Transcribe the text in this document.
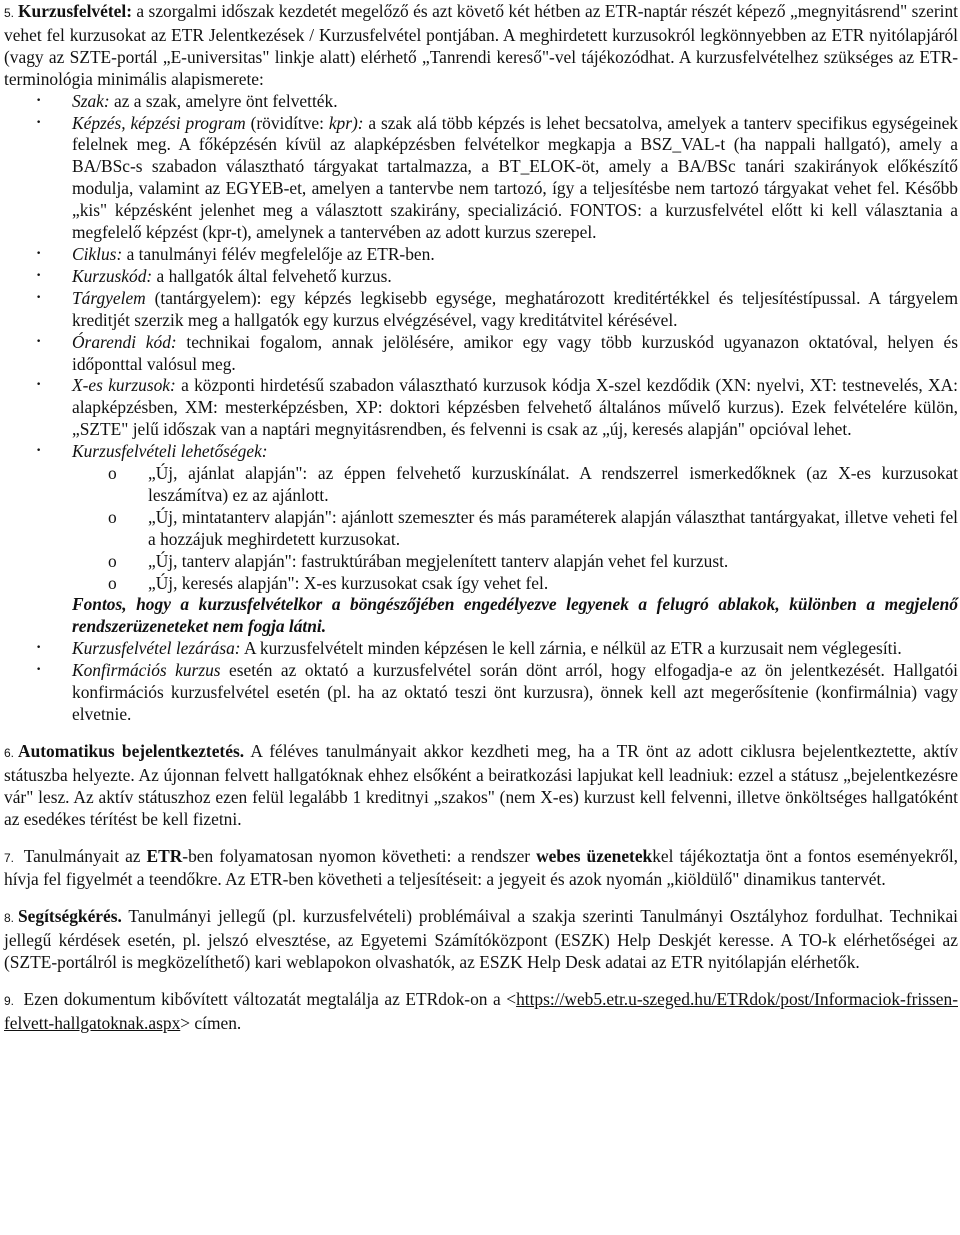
5. Kurzusfelvétel: a szorgalmi időszak kezdetét megelőző és azt követő két hétben az ETR-naptár részét képező „megnyitásrend" szerint vehet fel kurzusokat az ETR Jelentkezések / Kurzusfelvétel pontjában. A meghirdetett kurzusokról legkönnyebben az ETR nyitólapjáról (vagy az SZTE-portál „E-universitas" linkje alatt) elérhető „Tanrendi kereső"-vel tájékozódhat. A kurzusfelvételhez szükséges az ETR-terminológia minimális alapismerete:

• Szak: az a szak, amelyre önt felvették.
• Képzés, képzési program (rövidítve: kpr): a szak alá több képzés is lehet becsatolva, amelyek a tanterv specifikus egységeinek felelnek meg. A főképzésén kívül az alapképzésben felvételkor megkapja a BSZ_VAL-t (ha nappali hallgató), amely a BA/BSc-s szabadon választható tárgyakat tartalmazza, a BT_ELOK-öt, amely a BA/BSc tanári szakirányok előkészítő modulja, valamint az EGYEB-et, amelyen a tantervbe nem tartozó, így a teljesítésbe nem tartozó tárgyakat vehet fel. Később „kis" képzésként jelenhet meg a választott szakirány, specializáció. FONTOS: a kurzusfelvétel előtt ki kell választania a megfelelő képzést (kpr-t), amelynek a tantervében az adott kurzus szerepel.
• Ciklus: a tanulmányi félév megfelelője az ETR-ben.
• Kurzuskód: a hallgatók által felvehető kurzus.
• Tárgyelem (tantárgyelem): egy képzés legkisebb egysége, meghatározott kreditértékkel és teljesítéstípussal. A tárgyelem kreditjét szerzik meg a hallgatók egy kurzus elvégzésével, vagy kreditátvitel kérésével.
• Órarendi kód: technikai fogalom, annak jelölésére, amikor egy vagy több kurzuskód ugyanazon oktatóval, helyen és időponttal valósul meg.
• X-es kurzusok: a központi hirdetésű szabadon választható kurzusok kódja X-szel kezdődik (XN: nyelvi, XT: testnevelés, XA: alapképzésben, XM: mesterképzésben, XP: doktori képzésben felvehető általános művelő kurzus). Ezek felvételére külön, „SZTE" jelű időszak van a naptári megnyitásrendben, és felvenni is csak az „új, keresés alapján" opcióval lehet.
• Kurzusfelvételi lehetőségek:
o „Új, ajánlat alapján": az éppen felvehető kurzuskínálat. A rendszerrel ismerkedőknek (az X-es kurzusokat leszámítva) ez az ajánlott.
o „Új, mintatanterv alapján": ajánlott szemeszter és más paraméterek alapján választhat tantárgyakat, illetve veheti fel a hozzájuk meghirdetett kurzusokat.
o „Új, tanterv alapján": fastruktúrában megjelenített tanterv alapján vehet fel kurzust.
o „Új, keresés alapján": X-es kurzusokat csak így vehet fel.

Fontos, hogy a kurzusfelvételkor a böngészőjében engedélyezve legyenek a felugró ablakok, különben a megjelenő rendszerüzeneteket nem fogja látni.

• Kurzusfelvétel lezárása: A kurzusfelvételt minden képzésen le kell zárnia, e nélkül az ETR a kurzusait nem véglegesíti.
• Konfirmációs kurzus esetén az oktató a kurzusfelvétel során dönt arról, hogy elfogadja-e az ön jelentkezését. Hallgatói konfirmációs kurzusfelvétel esetén (pl. ha az oktató teszi önt kurzusra), önnek kell azt megerősítenie (konfirmálnia) vagy elvetnie.

6. Automatikus bejelentkeztetés. A féléves tanulmányait akkor kezdheti meg, ha a TR önt az adott ciklusra bejelentkeztette, aktív státuszba helyezte. Az újonnan felvett hallgatóknak ehhez elsőként a beiratkozási lapjukat kell leadniuk: ezzel a státusz „bejelentkezésre vár" lesz. Az aktív státuszhoz ezen felül legalább 1 kreditnyi „szakos" (nem X-es) kurzust kell felvenni, illetve önköltséges hallgatóként az esedékes térítést be kell fizetni.

7. Tanulmányait az ETR-ben folyamatosan nyomon követheti: a rendszer webes üzenetekkel tájékoztatja önt a fontos eseményekről, hívja fel figyelmét a teendőkre. Az ETR-ben követheti a teljesítéseit: a jegyeit és azok nyomán „kiöldülő" dinamikus tantervét.

8. Segítségkérés. Tanulmányi jellegű (pl. kurzusfelvételi) problémáival a szakja szerinti Tanulmányi Osztályhoz fordulhat. Technikai jellegű kérdések esetén, pl. jelszó elvesztése, az Egyetemi Számítóközpont (ESZK) Help Deskjét keresse. A TO-k elérhetőségei az (SZTE-portálról is megközelíthető) kari weblapokon olvashatók, az ESZK Help Desk adatai az ETR nyitólapján elérhetők.

9. Ezen dokumentum kibővített változatát megtalálja az ETRdok-on a <https://web5.etr.u-szeged.hu/ETRdok/post/Informaciok-frissen-felvett-hallgatoknak.aspx> címen.
